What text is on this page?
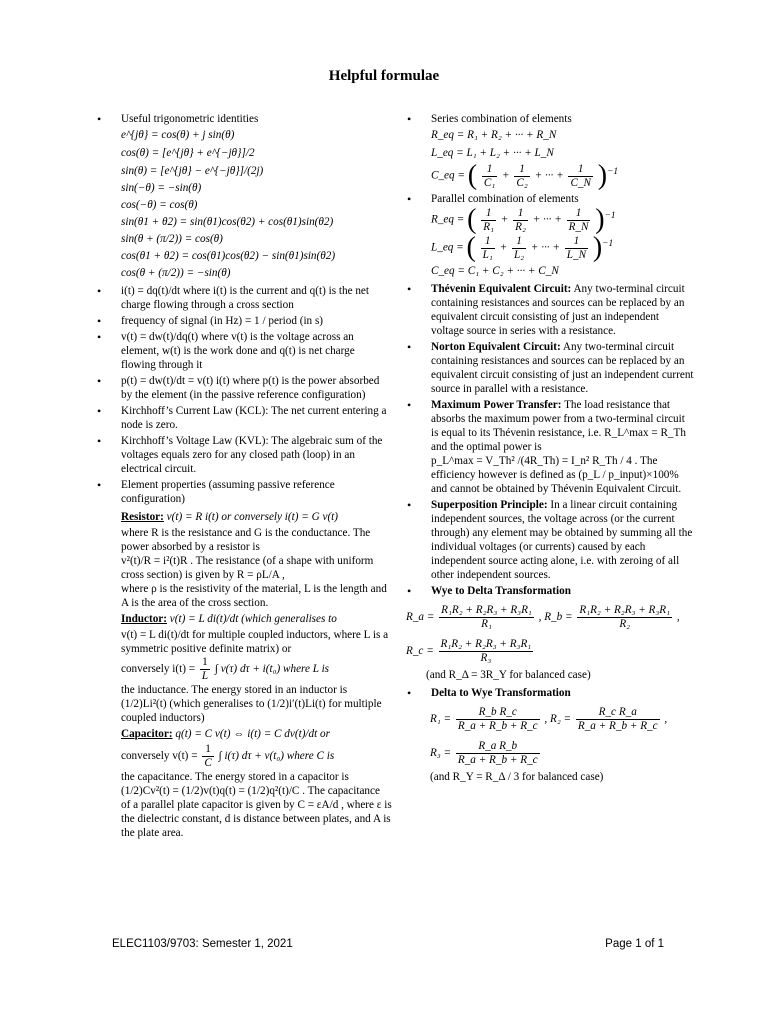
Helpful formulae
• Useful trigonometric identities
e^{jθ} = cos(θ) + j sin(θ)
cos(θ) = [e^{jθ} + e^{−jθ}]/2
sin(θ) = [e^{jθ} − e^{−jθ}]/(2j)
sin(−θ) = −sin(θ)
cos(−θ) = cos(θ)
sin(θ1 + θ2) = sin(θ1)cos(θ2) + cos(θ1)sin(θ2)
sin(θ + (π/2)) = cos(θ)
cos(θ1 + θ2) = cos(θ1)cos(θ2) − sin(θ1)sin(θ2)
cos(θ + (π/2)) = −sin(θ)
• i(t) = dq(t)/dt where i(t) is the current and q(t) is the net charge flowing through a cross section
• frequency of signal (in Hz) = 1 / period (in s)
• v(t) = dw(t)/dq(t) where v(t) is the voltage across an element, w(t) is the work done and q(t) is net charge flowing through it
• p(t) = dw(t)/dt = v(t) i(t) where p(t) is the power absorbed by the element (in the passive reference configuration)
• Kirchhoff’s Current Law (KCL): The net current entering a node is zero.
• Kirchhoff’s Voltage Law (KVL): The algebraic sum of the voltages equals zero for any closed path (loop) in an electrical circuit.
• Element properties (assuming passive reference configuration)
Resistor: v(t) = R i(t) or conversely i(t) = G v(t)
where R is the resistance and G is the conductance. The power absorbed by a resistor is
v²(t)/R = i²(t)R . The resistance (of a shape with uniform cross section) is given by R = ρL/A ,
where ρ is the resistivity of the material, L is the length and A is the area of the cross section.
Inductor: v(t) = L di(t)/dt (which generalises to
v(t) = L di(t)/dt for multiple coupled inductors, where L is a symmetric positive definite matrix) or
conversely $i(t) = \frac{1}{L}$ ∫ v(τ) dτ + i(t₀) where L is
the inductance. The energy stored in an inductor is (1/2)Li²(t) (which generalises to (1/2)i′(t)Li(t) for multiple coupled inductors)
Capacitor: q(t) = C v(t) ⇔ i(t) = C dv(t)/dt or
conversely $v(t) = \frac{1}{C}$ ∫ i(τ) dτ + v(t₀) where C is
the capacitance. The energy stored in a capacitor is (1/2)Cv²(t) = (1/2)v(t)q(t) = (1/2)q²(t)/C . The capacitance of a parallel plate capacitor is given by C = εA/d , where ε is the dielectric constant, d is distance between plates, and A is the plate area.
• Series combination of elements
R_eq = R₁ + R₂ + ··· + R_N
L_eq = L₁ + L₂ + ··· + L_N
C_eq = ( $\frac{1}{\text{C₁}} + \frac{1}{\text{C₂}}$ + ··· + $\frac{1}{C\_N} )^{-1}$
• Parallel combination of elements
R_eq = ( $\frac{1}{\text{R₁}} + \frac{1}{\text{R₂}}$ + ··· + $\frac{1}{R\_N} )^{-1}$
L_eq = ( $\frac{1}{\text{L₁}} + \frac{1}{\text{L₂}}$ + ··· + $\frac{1}{L\_N} )^{-1}$
C_eq = C₁ + C₂ + ··· + C_N
• Thévenin Equivalent Circuit: Any two-terminal circuit containing resistances and sources can be replaced by an equivalent circuit consisting of just an independent voltage source in series with a resistance.
• Norton Equivalent Circuit: Any two-terminal circuit containing resistances and sources can be replaced by an equivalent circuit consisting of just an independent current source in parallel with a resistance.
• Maximum Power Transfer: The load resistance that absorbs the maximum power from a two-terminal circuit is equal to its Thévenin resistance, i.e. R_L^max = R_Th and the optimal power is
p_L^max = V_Th² /(4R_Th) = I_n² R_Th / 4 . The efficiency however is defined as (p_L / p_input)×100% and cannot be obtained by Thévenin Equivalent Circuit.
• Superposition Principle: In a linear circuit containing independent sources, the voltage across (or the current through) any element may be obtained by summing all the individual voltages (or currents) caused by each independent source acting alone, i.e. with zeroing of all other independent sources.
• Wye to Delta Transformation
R_a = $\frac{\text{R₁R₂ + R₂R₃ + R₃R₁}}{\text{R₁}}$ , R_b = $\frac{\text{R₁R₂ + R₂R₃ + R₃R₁}}{\text{R₂}}$ ,
R_c = $\frac{\text{R₁R₂ + R₂R₃ + R₃R₁}}{\text{R₃}}$
(and R_Δ = 3R_Y for balanced case)
• Delta to Wye Transformation
$R_1 = \frac{\text{R\_b R\_c}}{R\_a + R\_b + R\_c}$ , $R_2 = \frac{\text{R\_c R\_a}}{R\_a + R\_b + R\_c}$ ,
$R_3 = \frac{\text{R\_a R\_b}}{R\_a + R\_b + R\_c}$
(and R_Y = R_Δ / 3 for balanced case)
ELEC1103/9703: Semester 1, 2021	Page 1 of 1
